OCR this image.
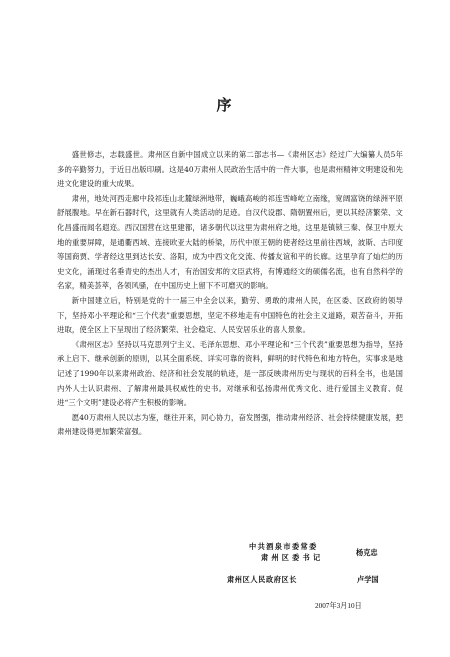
序

盛世修志，志载盛世。肃州区自新中国成立以来的第二部志书—《肃州区志》经过广大编纂人员5年多的辛勤努力，于近日出版印刷。这是40万肃州人民政治生活中的一件大事，也是肃州精神文明建设和先进文化建设的重大成果。

肃州，地处河西走廊中段祁连山北麓绿洲地带，巍峨高峻的祁连雪峰屹立南缘，宽阔富饶的绿洲平原舒展腹地。早在新石器时代，这里就有人类活动的足迹。自汉代设郡、隋朝置州后，更以其经济繁荣、文化昌盛而闻名遐迩。西汉国营在这里建都，诸多朝代以这里为肃州府之地，这里是镇锁三秦、保卫中原大地的重要屏障，是通衢西域、连接欧亚大陆的桥梁，历代中原王朝的使者经这里前往西域，波斯、古印度等国商贾、学者经这里到达长安、洛阳，成为中西文化交流、传播友谊和平的长廊。这里孕育了灿烂的历史文化，涌现过名垂青史的杰出人才，有治国安邦的文臣武将，有博通经文的硕儒名流，也有自然科学的名家，精美荟萃，各领风骚，在中国历史上留下不可磨灭的影响。

新中国建立后，特别是党的十一届三中全会以来，勤劳、勇敢的肃州人民，在区委、区政府的领导下，坚持邓小平理论和“三个代表”重要思想，坚定不移地走有中国特色的社会主义道路，艰苦奋斗，开拓进取，使全区上下呈现出了经济繁荣、社会稳定、人民安居乐业的喜人景象。

《肃州区志》坚持以马克思列宁主义、毛泽东思想、邓小平理论和“三个代表”重要思想为指导，坚持承上启下、继承创新的原则，以其全面系统、详实可靠的资料，鲜明的时代特色和地方特色，实事求是地记述了1990年以来肃州政治、经济和社会发展的轨迹，是一部反映肃州历史与现状的百科全书，也是国内外人士认识肃州、了解肃州最具权威性的史书。对继承和弘扬肃州优秀文化、进行爱国主义教育、促进“三个文明”建设必将产生积极的影响。

愿40万肃州人民以志为鉴，继往开来，同心协力，奋发图强，推动肃州经济、社会持续健康发展，把肃州建设得更加繁荣富强。

中共酒泉市委常委
肃州区委书记
杨克忠
肃州区人民政府区长	卢学国
2007年3月10日
